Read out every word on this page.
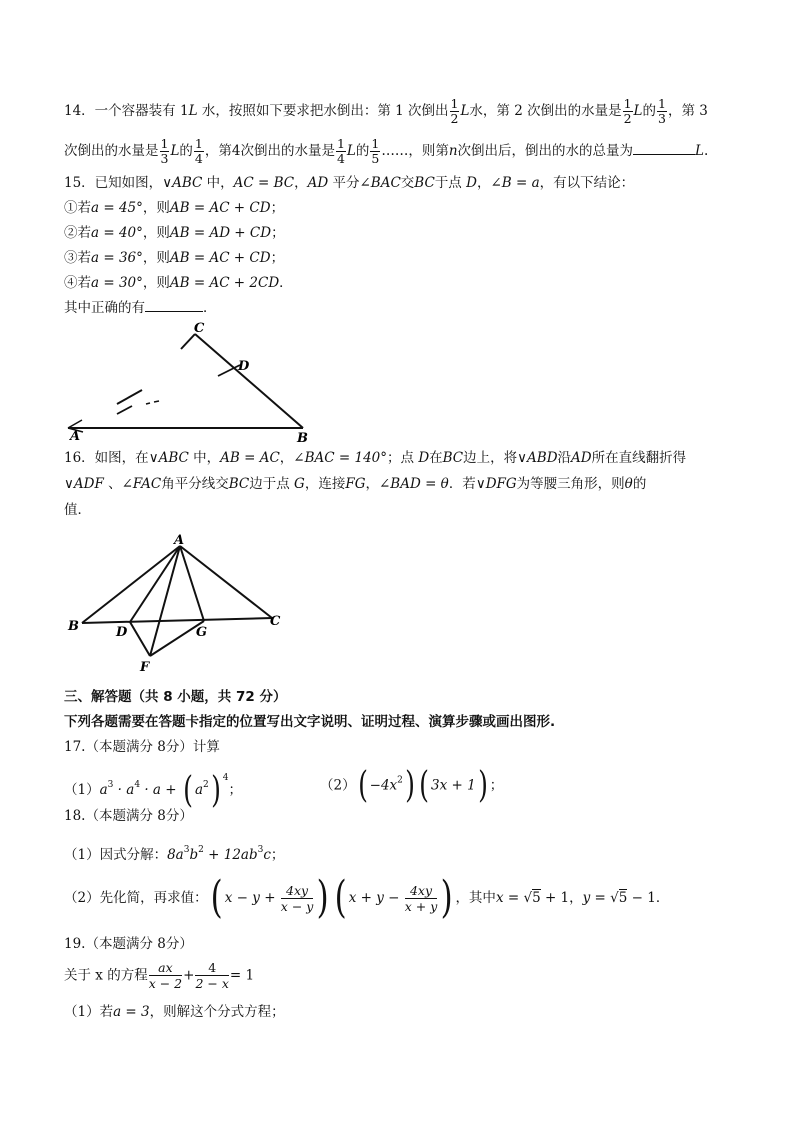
14．一个容器装有 1L 水，按照如下要求把水倒出：第 1 次倒出 $\frac{1}{2}$ L水，第 2 次倒出的水量是 $\frac{1}{2}$ L的 $\frac{1}{3}$ ，第 3
次倒出的水量是 $\frac{1}{3}$ L的 $\frac{1}{4}$ ，第4次倒出的水量是 $\frac{1}{4}$ L的 $\frac{1}{5}$ ……，则第n次倒出后，倒出的水的总量为	L.
15．已知如图，∨ABC 中，AC = BC，AD 平分∠BAC交BC于点 D，∠B = a，有以下结论：
①若a = 45°，则AB = AC + CD；
②若a = 40°，则AB = AD + CD；
③若a = 36°，则AB = AC + CD；
④若a = 30°，则AB = AC + 2CD．
其中正确的有	．
C
D
A	B
16．如图，在∨ABC 中，AB = AC，∠BAC = 140°；点 D在BC边上，将∨ABD沿AD所在直线翻折得
∨ADF 、∠FAC角平分线交BC边于点 G，连接FG，∠BAD = θ．若∨DFG为等腰三角形，则θ的
值．
A
B	C
D	G
F
三、解答题（共 8 小题，共 72 分）
下列各题需要在答题卡指定的位置写出文字说明、证明过程、演算步骤或画出图形.
17.（本题满分 8分）计算
$(1)a^3 \cdot a^4 \cdot a$ + ( $a^2$) $^4$；	$(2)( -4x^2)$ ( 3x + 1) ；
18.（本题满分 8分）
（1）因式分解：$8a^3b^2 + 12ab^3c$；
（2）先化简，再求值：( $x - y + \frac{4xy}{x - y}$ ) ( $x + y - \frac{4xy}{x + y}$ ) ，其中x = √5 + 1，y = √5 − 1．
19.（本题满分 8分）
关于 x 的方程 $\frac{ax}{x - 2} + \frac{4}{2 - x} = 1$
（1）若a = 3，则解这个分式方程；
